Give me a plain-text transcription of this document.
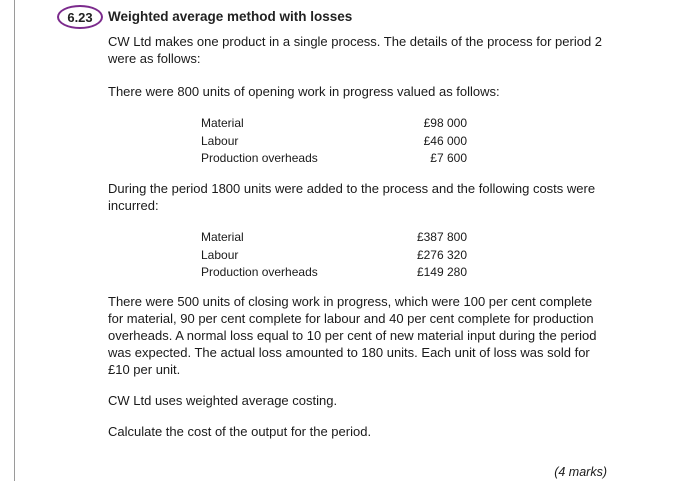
6.23 Weighted average method with losses
CW Ltd makes one product in a single process. The details of the process for period 2 were as follows:
There were 800 units of opening work in progress valued as follows:
Material	£98 000
Labour	£46 000
Production overheads	£7 600
During the period 1800 units were added to the process and the following costs were incurred:
Material	£387 800
Labour	£276 320
Production overheads	£149 280
There were 500 units of closing work in progress, which were 100 per cent complete for material, 90 per cent complete for labour and 40 per cent complete for production overheads. A normal loss equal to 10 per cent of new material input during the period was expected. The actual loss amounted to 180 units. Each unit of loss was sold for £10 per unit.
CW Ltd uses weighted average costing.
Calculate the cost of the output for the period.
(4 marks)
